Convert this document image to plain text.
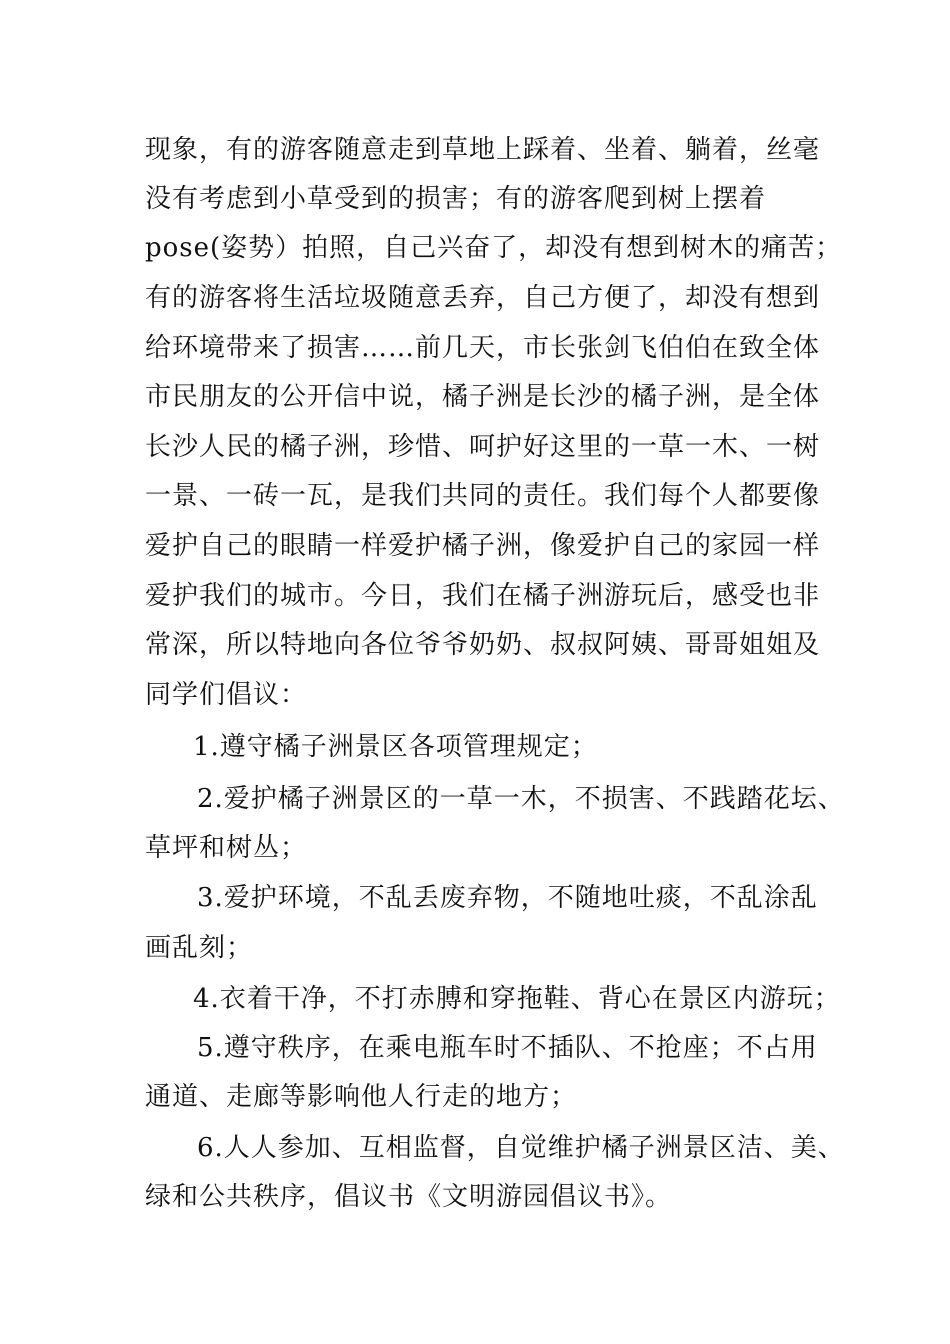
现象，有的游客随意走到草地上踩着、坐着、躺着，丝毫
没有考虑到小草受到的损害；有的游客爬到树上摆着
pose(姿势）拍照，自己兴奋了，却没有想到树木的痛苦；
有的游客将生活垃圾随意丢弃，自己方便了，却没有想到
给环境带来了损害……前几天，市长张剑飞伯伯在致全体
市民朋友的公开信中说，橘子洲是长沙的橘子洲，是全体
长沙人民的橘子洲，珍惜、呵护好这里的一草一木、一树
一景、一砖一瓦，是我们共同的责任。我们每个人都要像
爱护自己的眼睛一样爱护橘子洲，像爱护自己的家园一样
爱护我们的城市。今日，我们在橘子洲游玩后，感受也非
常深，所以特地向各位爷爷奶奶、叔叔阿姨、哥哥姐姐及
同学们倡议：
1.遵守橘子洲景区各项管理规定；
2.爱护橘子洲景区的一草一木，不损害、不践踏花坛、
草坪和树丛；
3.爱护环境，不乱丢废弃物，不随地吐痰，不乱涂乱
画乱刻；
4.衣着干净，不打赤膊和穿拖鞋、背心在景区内游玩；
5.遵守秩序，在乘电瓶车时不插队、不抢座；不占用
通道、走廊等影响他人行走的地方；
6.人人参加、互相监督，自觉维护橘子洲景区洁、美、
绿和公共秩序，倡议书《文明游园倡议书》。
